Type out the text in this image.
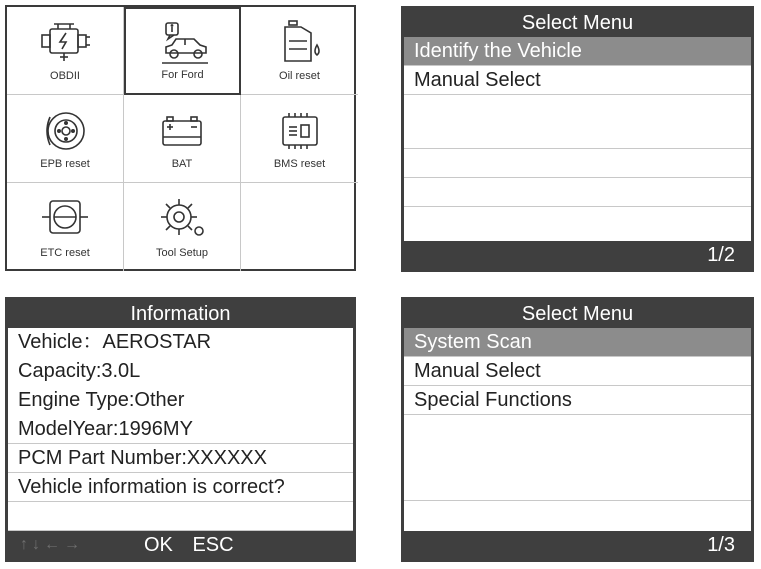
OBDII	For Ford	Oil reset
EPB reset	BAT	BMS reset
ETC reset	Tool Setup
Select Menu
Identify the Vehicle
Manual Select
1/2
Information
Vehicle：AEROSTAR
Capacity:3.0L
Engine Type:Other
ModelYear:1996MY
PCM Part Number:XXXXXX
Vehicle information is correct?
↑↓←→	OK ESC
Select Menu
System Scan
Manual Select
Special Functions
1/3
